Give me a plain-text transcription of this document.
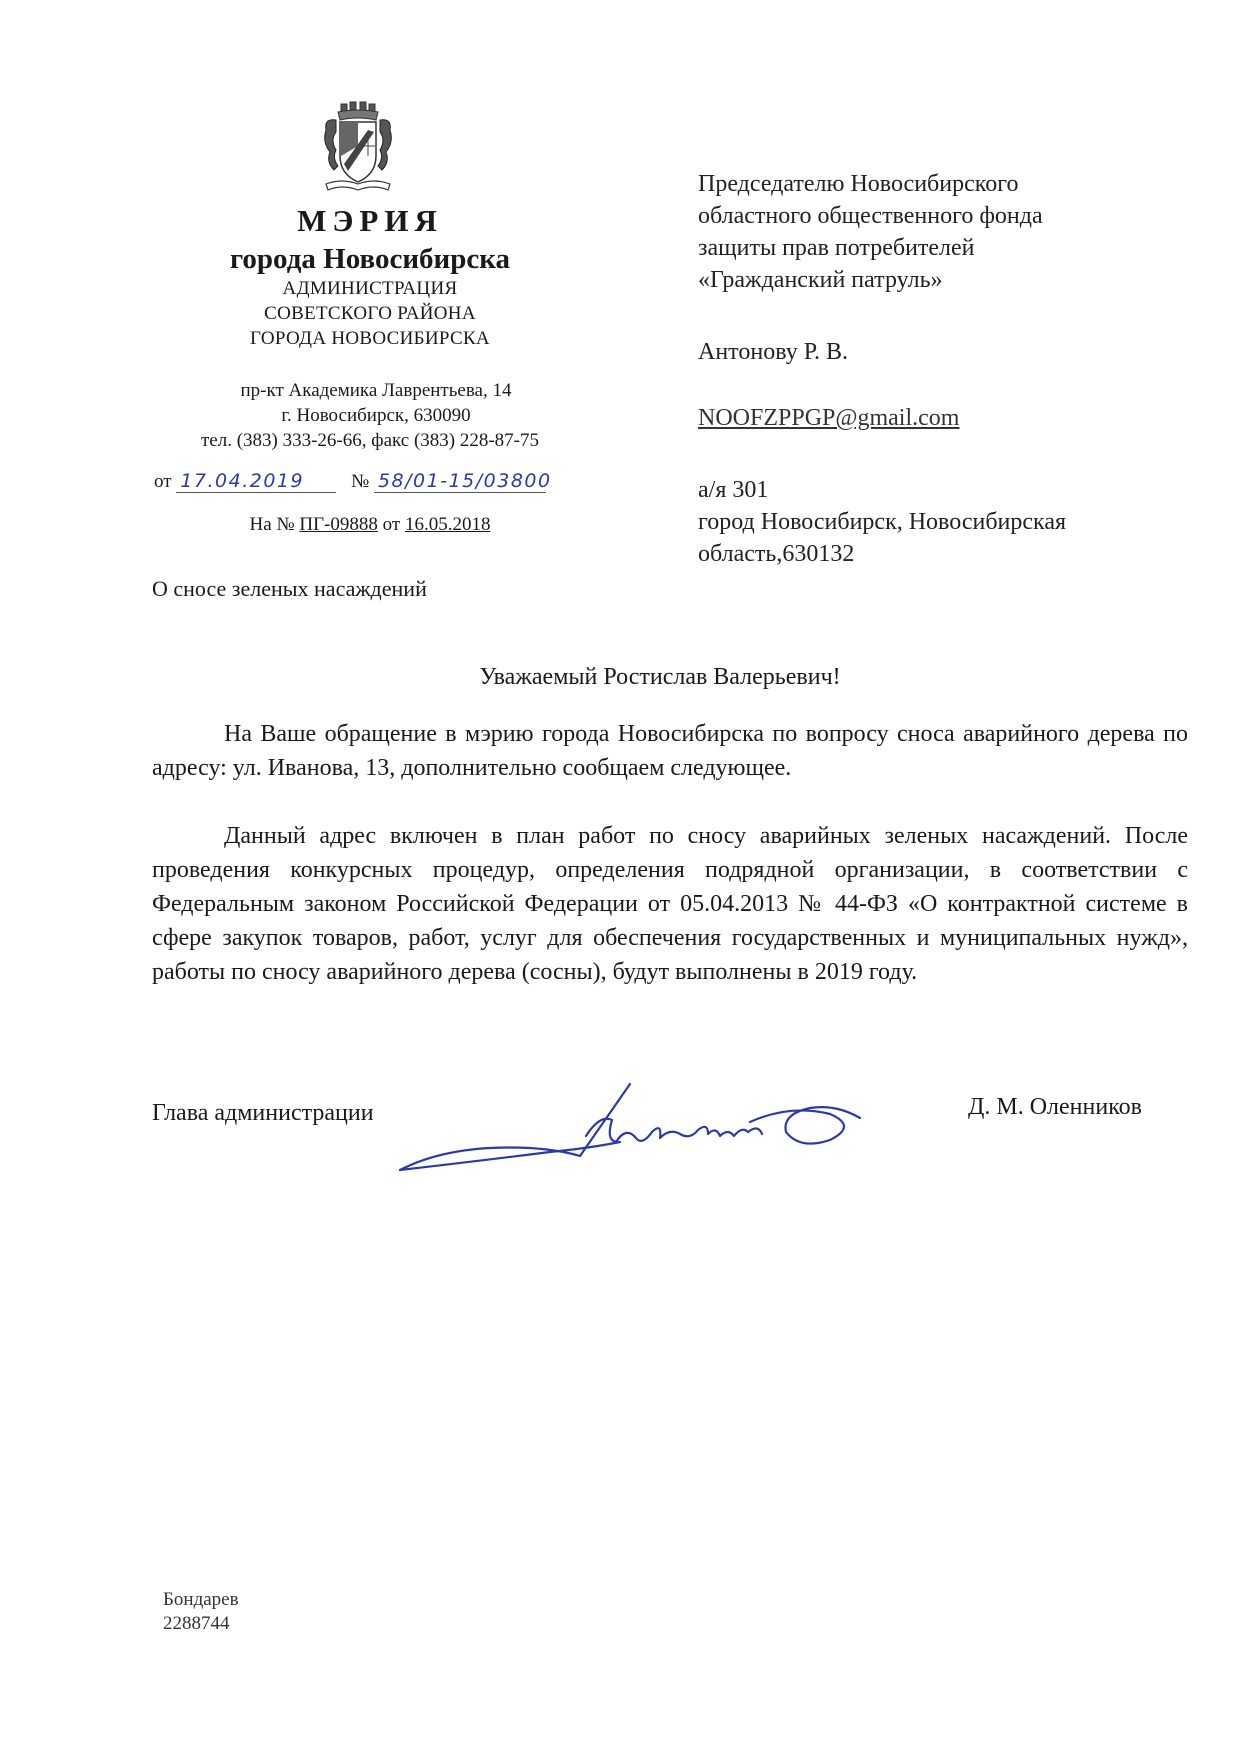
МЭРИЯ
города Новосибирска
АДМИНИСТРАЦИЯ
СОВЕТСКОГО РАЙОНА
ГОРОДА НОВОСИБИРСКА
пр-кт Академика Лаврентьева, 14
г. Новосибирск, 630090
тел. (383) 333-26-66, факс (383) 228-87-75
от 17.04.2019 № 58/01-15/03800
На № ПГ-09888 от 16.05.2018
О сносе зеленых насаждений
Председателю Новосибирского
областного общественного фонда
защиты прав потребителей
«Гражданский патруль»
Антонову Р. В.
NOOFZPPGP@gmail.com
а/я 301
город Новосибирск, Новосибирская
область,630132
Уважаемый Ростислав Валерьевич!
На Ваше обращение в мэрию города Новосибирска по вопросу сноса аварийного дерева по адресу: ул. Иванова, 13, дополнительно сообщаем следующее.
Данный адрес включен в план работ по сносу аварийных зеленых насаждений. После проведения конкурсных процедур, определения подрядной организации, в соответствии с Федеральным законом Российской Федерации от 05.04.2013 № 44-ФЗ «О контрактной системе в сфере закупок товаров, работ, услуг для обеспечения государственных и муниципальных нужд», работы по сносу аварийного дерева (сосны), будут выполнены в 2019 году.
Глава администрации	Д. М. Оленников
Бондарев
2288744
